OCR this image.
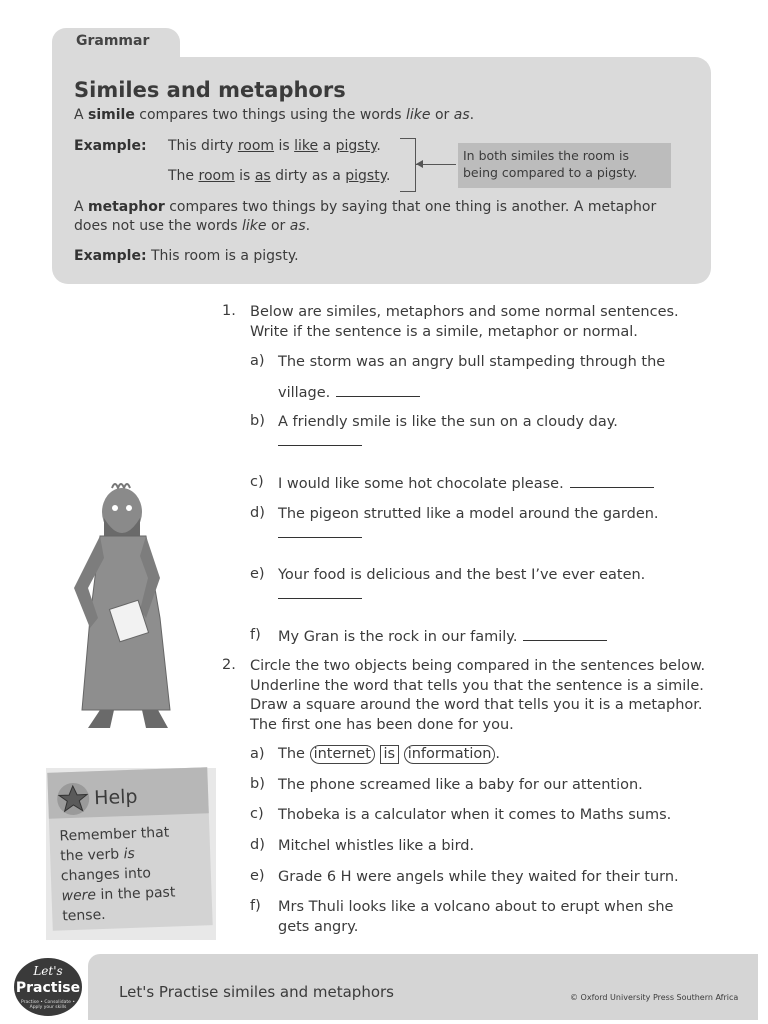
Grammar
Similes and metaphors
A simile compares two things using the words like or as.
Example: This dirty room is like a pigsty.
The room is as dirty as a pigsty.
In both similes the room is being compared to a pigsty.
A metaphor compares two things by saying that one thing is another. A metaphor
does not use the words like or as.
Example: This room is a pigsty.
1. Below are similes, metaphors and some normal sentences.
Write if the sentence is a simile, metaphor or normal.
a) The storm was an angry bull stampeding through the
village.
b) A friendly smile is like the sun on a cloudy day.
c) I would like some hot chocolate please.
d) The pigeon strutted like a model around the garden.
e) Your food is delicious and the best I’ve ever eaten.
f) My Gran is the rock in our family.
2. Circle the two objects being compared in the sentences below.
Underline the word that tells you that the sentence is a simile.
Draw a square around the word that tells you it is a metaphor.
The first one has been done for you.
a) The internet is information .
b) The phone screamed like a baby for our attention.
c) Thobeka is a calculator when it comes to Maths sums.
d) Mitchel whistles like a bird.
e) Grade 6 H were angels while they waited for their turn.
f) Mrs Thuli looks like a volcano about to erupt when she
gets angry.
Help
Remember that
the verb is
changes into
were in the past
tense.
Let's Practise similes and metaphors	© Oxford University Press Southern Africa
Let's
Practise
Practise • Consolidate • Apply your skills
